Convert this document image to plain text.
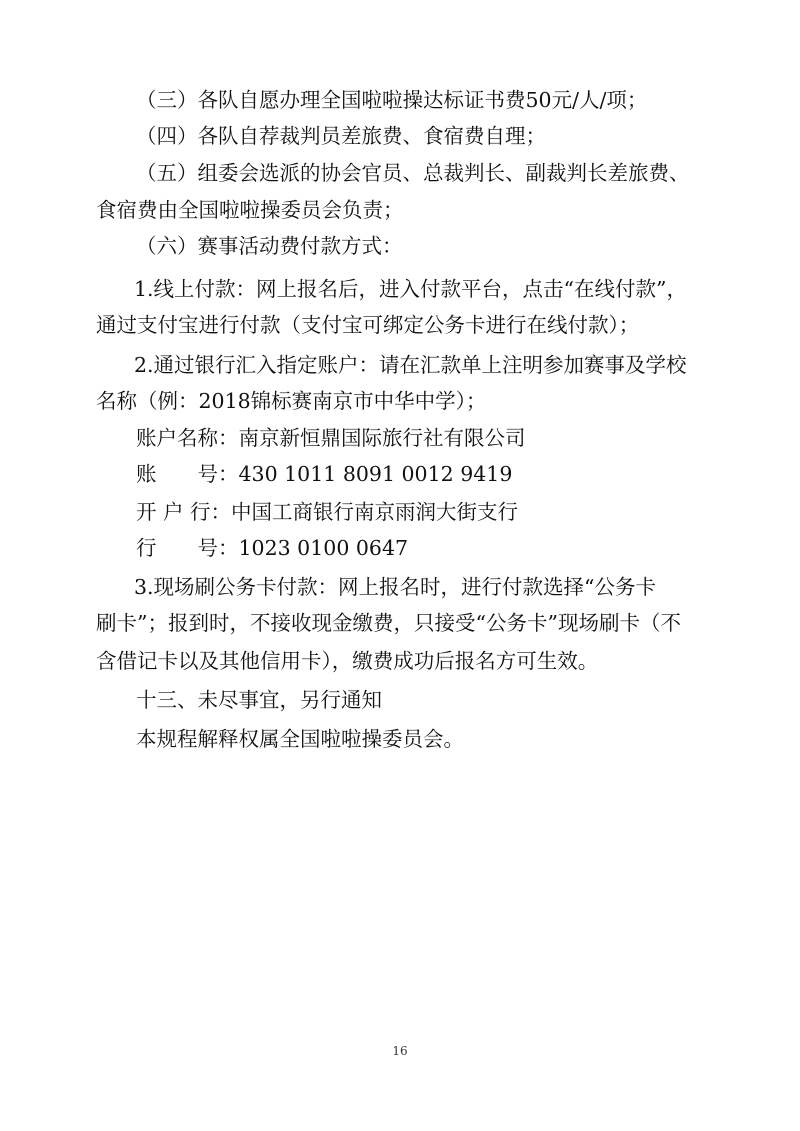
（三）各队自愿办理全国啦啦操达标证书费50元/人/项；
（四）各队自荐裁判员差旅费、食宿费自理；
（五）组委会选派的协会官员、总裁判长、副裁判长差旅费、
食宿费由全国啦啦操委员会负责；
（六）赛事活动费付款方式：
1.线上付款：网上报名后，进入付款平台，点击“在线付款”，
通过支付宝进行付款（支付宝可绑定公务卡进行在线付款）；
2.通过银行汇入指定账户：请在汇款单上注明参加赛事及学校
名称（例：2018锦标赛南京市中华中学）；
账户名称：南京新恒鼎国际旅行社有限公司
账　　号：430 1011 8091 0012 9419
开 户 行：中国工商银行南京雨润大街支行
行　　号：1023 0100 0647
3.现场刷公务卡付款：网上报名时，进行付款选择“公务卡
刷卡”；报到时，不接收现金缴费，只接受“公务卡”现场刷卡（不
含借记卡以及其他信用卡），缴费成功后报名方可生效。
十三、未尽事宜，另行通知
本规程解释权属全国啦啦操委员会。
16
